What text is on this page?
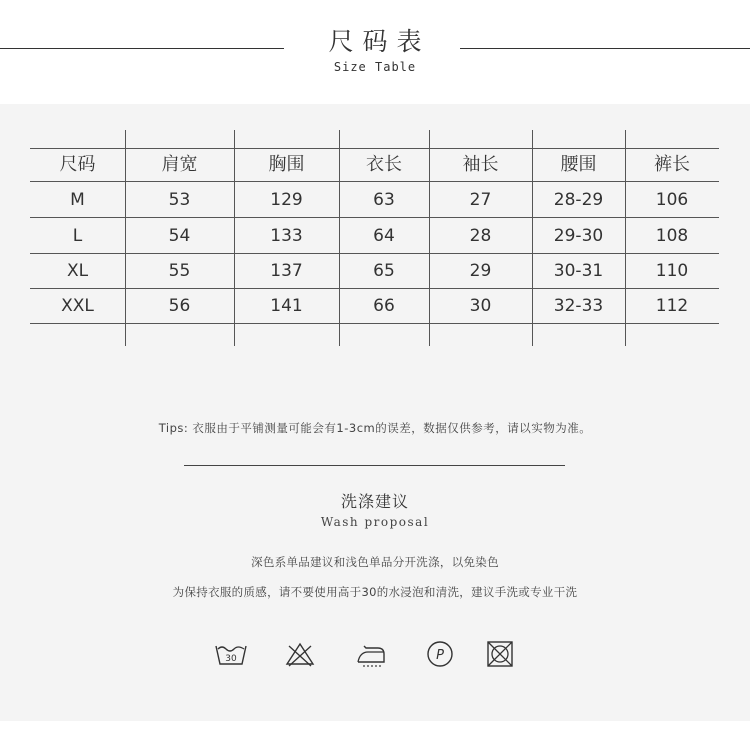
尺码表
Size Table
尺码	肩宽	胸围	衣长	袖长	腰围	裤长
M	53	129	63	27	28-29	106
L	54	133	64	28	29-30	108
XL	55	137	65	29	30-31	110
XXL	56	141	66	30	32-33	112
Tips: 衣服由于平铺测量可能会有1-3cm的误差，数据仅供参考，请以实物为准。
洗涤建议
Wash proposal
深色系单品建议和浅色单品分开洗涤，以免染色
为保持衣服的质感，请不要使用高于30的水浸泡和清洗，建议手洗或专业干洗
30	P
